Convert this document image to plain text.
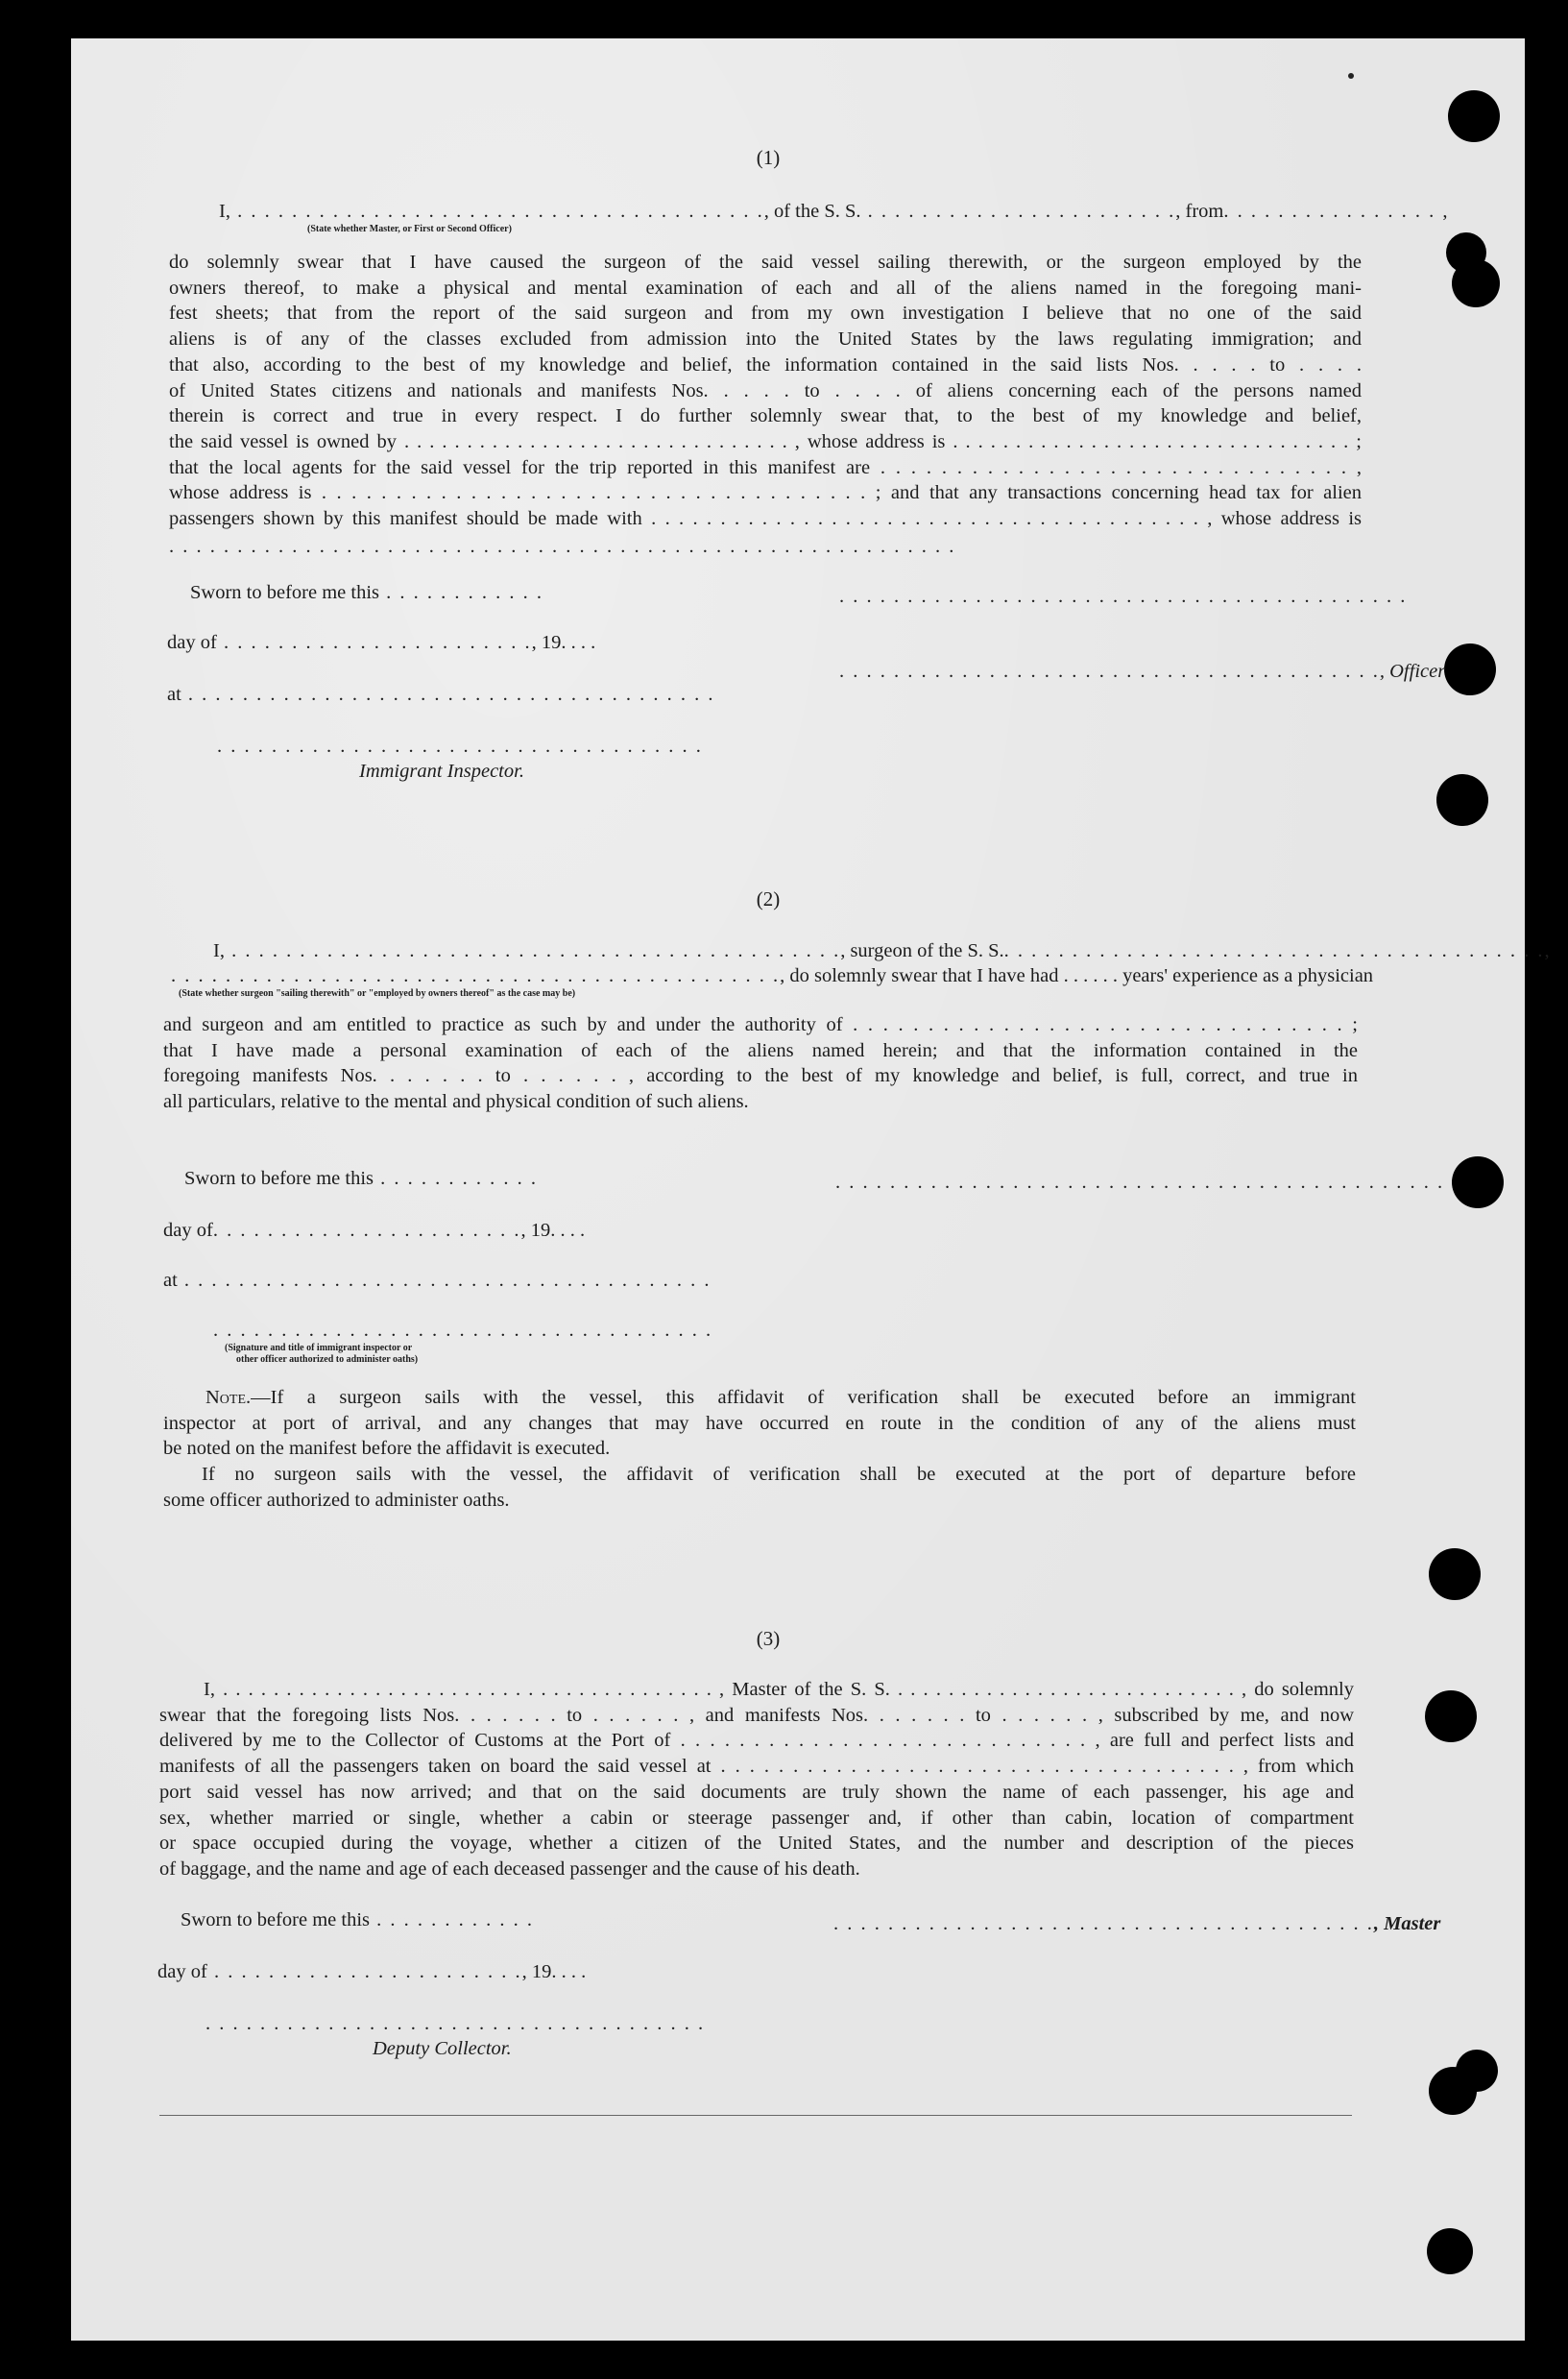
(1)
I, . . . . . . . . . . . . . . . . . . . . . . . . . . . . . . . . . . . . . . ., of the S. S. . . . . . . . . . . . . . . . . . . . . . . ., from. . . . . . . . . . . . . . . . ,
(State whether Master, or First or Second Officer)
do solemnly swear that I have caused the surgeon of the said vessel sailing therewith, or the surgeon employed by the
owners thereof, to make a physical and mental examination of each and all of the aliens named in the foregoing mani-
fest sheets; that from the report of the said surgeon and from my own investigation I believe that no one of the said
aliens is of any of the classes excluded from admission into the United States by the laws regulating immigration; and
that also, according to the best of my knowledge and belief, the information contained in the said lists Nos. . . . . to . . . .
of United States citizens and nationals and manifests Nos. . . . . to . . . . of aliens concerning each of the persons named
therein is correct and true in every respect. I do further solemnly swear that, to the best of my knowledge and belief,
the said vessel is owned by . . . . . . . . . . . . . . . . . . . . . . . . . . . . . . . , whose address is . . . . . . . . . . . . . . . . . . . . . . . . . . . . . . . . ;
that the local agents for the said vessel for the trip reported in this manifest are . . . . . . . . . . . . . . . . . . . . . . . . . . . . . . . ,
whose address is . . . . . . . . . . . . . . . . . . . . . . . . . . . . . . . . . . . . . ; and that any transactions concerning head tax for alien
passengers shown by this manifest should be made with . . . . . . . . . . . . . . . . . . . . . . . . . . . . . . . . . . . . . . . . , whose address is
. . . . . . . . . . . . . . . . . . . . . . . . . . . . . . . . . . . . . . . . . . . . . . . . . . . . . . . . . .
Sworn to before me this . . . . . . . . . . . .	. . . . . . . . . . . . . . . . . . . . . . . . . . . . . . . . . . . . . . . . . .
day of . . . . . . . . . . . . . . . . . . . . . . ., 19. . . .
. . . . . . . . . . . . . . . . . . . . . . . . . . . . . . . . . . . . . . . ., Officer
at . . . . . . . . . . . . . . . . . . . . . . . . . . . . . . . . . . . . . . .
. . . . . . . . . . . . . . . . . . . . . . . . . . . . . . . . . . . .
Immigrant Inspector.
(2)
I, . . . . . . . . . . . . . . . . . . . . . . . . . . . . . . . . . . . . . . . . . . . . ., surgeon of the S. S.. . . . . . . . . . . . . . . . . . . . . . . . . . . . . . . . . . . . . . . .,
. . . . . . . . . . . . . . . . . . . . . . . . . . . . . . . . . . . . . . . . . . . . ., do solemnly swear that I have had . . . . . . years' experience as a physician
(State whether surgeon "sailing therewith" or "employed by owners thereof" as the case may be)
and surgeon and am entitled to practice as such by and under the authority of . . . . . . . . . . . . . . . . . . . . . . . . . . . . . . . . . ;
that I have made a personal examination of each of the aliens named herein; and that the information contained in the
foregoing manifests Nos. . . . . . . to . . . . . . , according to the best of my knowledge and belief, is full, correct, and true in
all particulars, relative to the mental and physical condition of such aliens.
Sworn to before me this . . . . . . . . . . . .	. . . . . . . . . . . . . . . . . . . . . . . . . . . . . . . . . . . . . . . . . . . . .
day of. . . . . . . . . . . . . . . . . . . . . . ., 19. . . .
at . . . . . . . . . . . . . . . . . . . . . . . . . . . . . . . . . . . . . . .
. . . . . . . . . . . . . . . . . . . . . . . . . . . . . . . . . . . . .
(Signature and title of immigrant inspector or
other officer authorized to administer oaths)
Note.—If a surgeon sails with the vessel, this affidavit of verification shall be executed before an immigrant
inspector at port of arrival, and any changes that may have occurred en route in the condition of any of the aliens must
be noted on the manifest before the affidavit is executed.
If no surgeon sails with the vessel, the affidavit of verification shall be executed at the port of departure before
some officer authorized to administer oaths.
(3)
I, . . . . . . . . . . . . . . . . . . . . . . . . . . . . . . . . . . . . . . . , Master of the S. S. . . . . . . . . . . . . . . . . . . . . . . . . . . . , do solemnly
swear that the foregoing lists Nos. . . . . . . to . . . . . . , and manifests Nos. . . . . . . to . . . . . . , subscribed by me, and now
delivered by me to the Collector of Customs at the Port of . . . . . . . . . . . . . . . . . . . . . . . . . . . . , are full and perfect lists and
manifests of all the passengers taken on board the said vessel at . . . . . . . . . . . . . . . . . . . . . . . . . . . . . . . . . . . . , from which
port said vessel has now arrived; and that on the said documents are truly shown the name of each passenger, his age and
sex, whether married or single, whether a cabin or steerage passenger and, if other than cabin, location of compartment
or space occupied during the voyage, whether a citizen of the United States, and the number and description of the pieces
of baggage, and the name and age of each deceased passenger and the cause of his death.
Sworn to before me this . . . . . . . . . . . .	. . . . . . . . . . . . . . . . . . . . . . . . . . . . . . . . . . . . . . . ., Master
day of . . . . . . . . . . . . . . . . . . . . . . ., 19. . . .
. . . . . . . . . . . . . . . . . . . . . . . . . . . . . . . . . . . . .
Deputy Collector.
